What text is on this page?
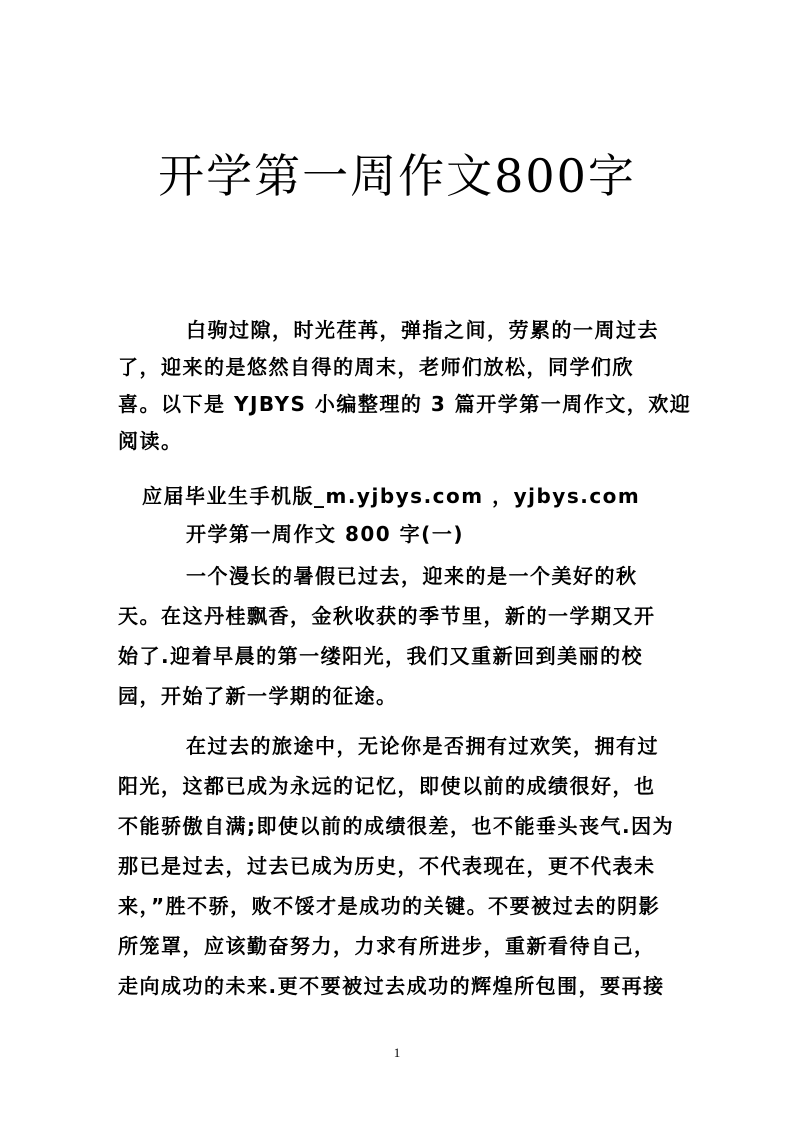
开学第一周作文800字
白驹过隙，时光荏苒，弹指之间，劳累的一周过去
了，迎来的是悠然自得的周末，老师们放松，同学们欣
喜。以下是 YJBYS 小编整理的 3 篇开学第一周作文，欢迎
阅读。
应届毕业生手机版_m.yjbys.com ，yjbys.com
开学第一周作文 800 字(一)
一个漫长的暑假已过去，迎来的是一个美好的秋
天。在这丹桂飘香，金秋收获的季节里，新的一学期又开
始了.迎着早晨的第一缕阳光，我们又重新回到美丽的校
园，开始了新一学期的征途。
在过去的旅途中，无论你是否拥有过欢笑，拥有过
阳光，这都已成为永远的记忆，即使以前的成绩很好，也
不能骄傲自满;即使以前的成绩很差，也不能垂头丧气.因为
那已是过去，过去已成为历史，不代表现在，更不代表未
来，”胜不骄，败不馁才是成功的关键。不要被过去的阴影
所笼罩，应该勤奋努力，力求有所进步，重新看待自己，
走向成功的未来.更不要被过去成功的辉煌所包围，要再接
1
